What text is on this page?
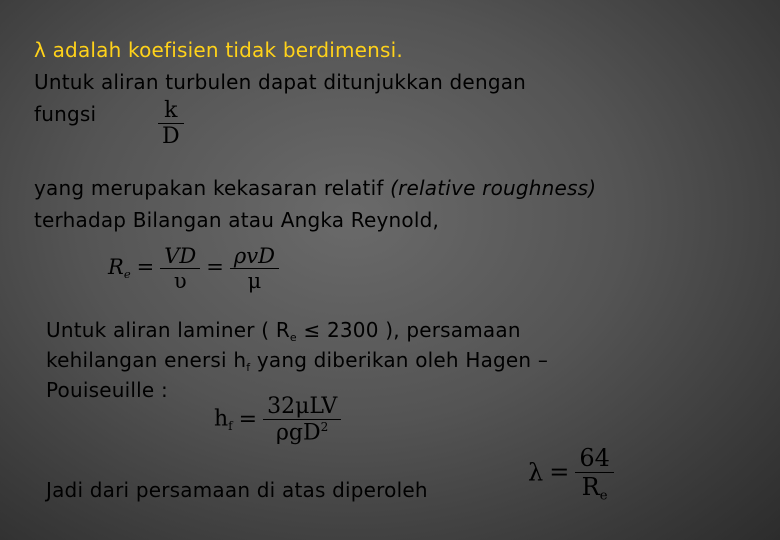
λ adalah koefisien tidak berdimensi.
Untuk aliran turbulen dapat ditunjukkan dengan
fungsi	$\frac{k}{D}$
yang merupakan kekasaran relatif (relative roughness)
terhadap Bilangan atau Angka Reynold,
$R_e = \frac{VD}{\upsilon} = \frac{\text{ρvD}}{\mu}$
Untuk aliran laminer ( $R_e \le 2300$ ), persamaan
kehilangan enersi $h_f$ yang diberikan oleh Hagen –
Pouiseuille :
$h_f = \frac{\text{32μLV}}{\rho gD^2}$
Jadi dari persamaan di atas diperoleh
$\lambda = \frac{64}{R_e}$
